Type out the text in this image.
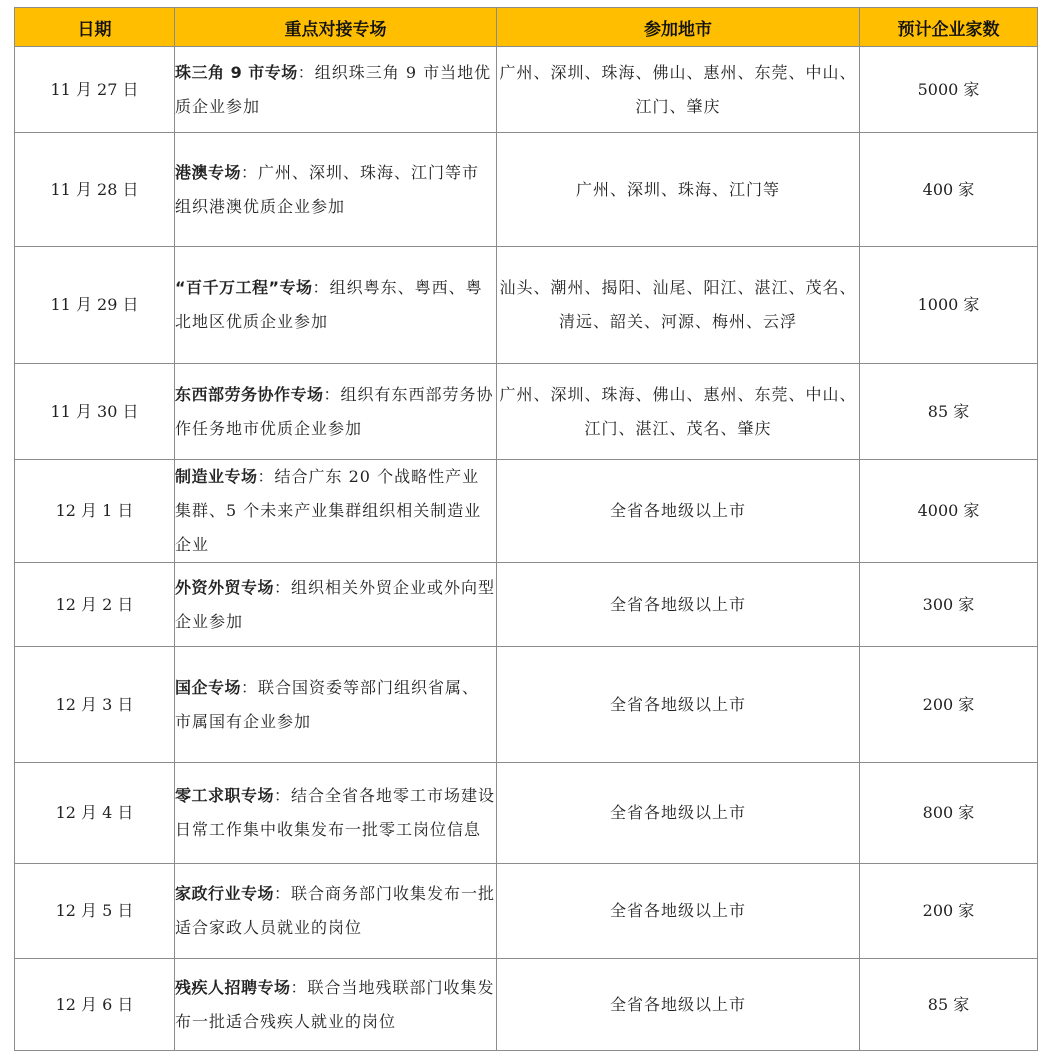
日期	重点对接专场	参加地市	预计企业家数
11 月 27 日	珠三角 9 市专场：组织珠三角 9 市当地优质企业参加	广州、深圳、珠海、佛山、惠州、东莞、中山、江门、肇庆	5000 家
11 月 28 日	港澳专场：广州、深圳、珠海、江门等市组织港澳优质企业参加	广州、深圳、珠海、江门等	400 家
11 月 29 日	“百千万工程”专场：组织粤东、粤西、粤北地区优质企业参加	汕头、潮州、揭阳、汕尾、阳江、湛江、茂名、清远、韶关、河源、梅州、云浮	1000 家
11 月 30 日	东西部劳务协作专场：组织有东西部劳务协作任务地市优质企业参加	广州、深圳、珠海、佛山、惠州、东莞、中山、江门、湛江、茂名、肇庆	85 家
12 月 1 日	制造业专场：结合广东 20 个战略性产业集群、5 个未来产业集群组织相关制造业企业	全省各地级以上市	4000 家
12 月 2 日	外资外贸专场：组织相关外贸企业或外向型企业参加	全省各地级以上市	300 家
12 月 3 日	国企专场：联合国资委等部门组织省属、市属国有企业参加	全省各地级以上市	200 家
12 月 4 日	零工求职专场：结合全省各地零工市场建设日常工作集中收集发布一批零工岗位信息	全省各地级以上市	800 家
12 月 5 日	家政行业专场：联合商务部门收集发布一批适合家政人员就业的岗位	全省各地级以上市	200 家
12 月 6 日	残疾人招聘专场：联合当地残联部门收集发布一批适合残疾人就业的岗位	全省各地级以上市	85 家
